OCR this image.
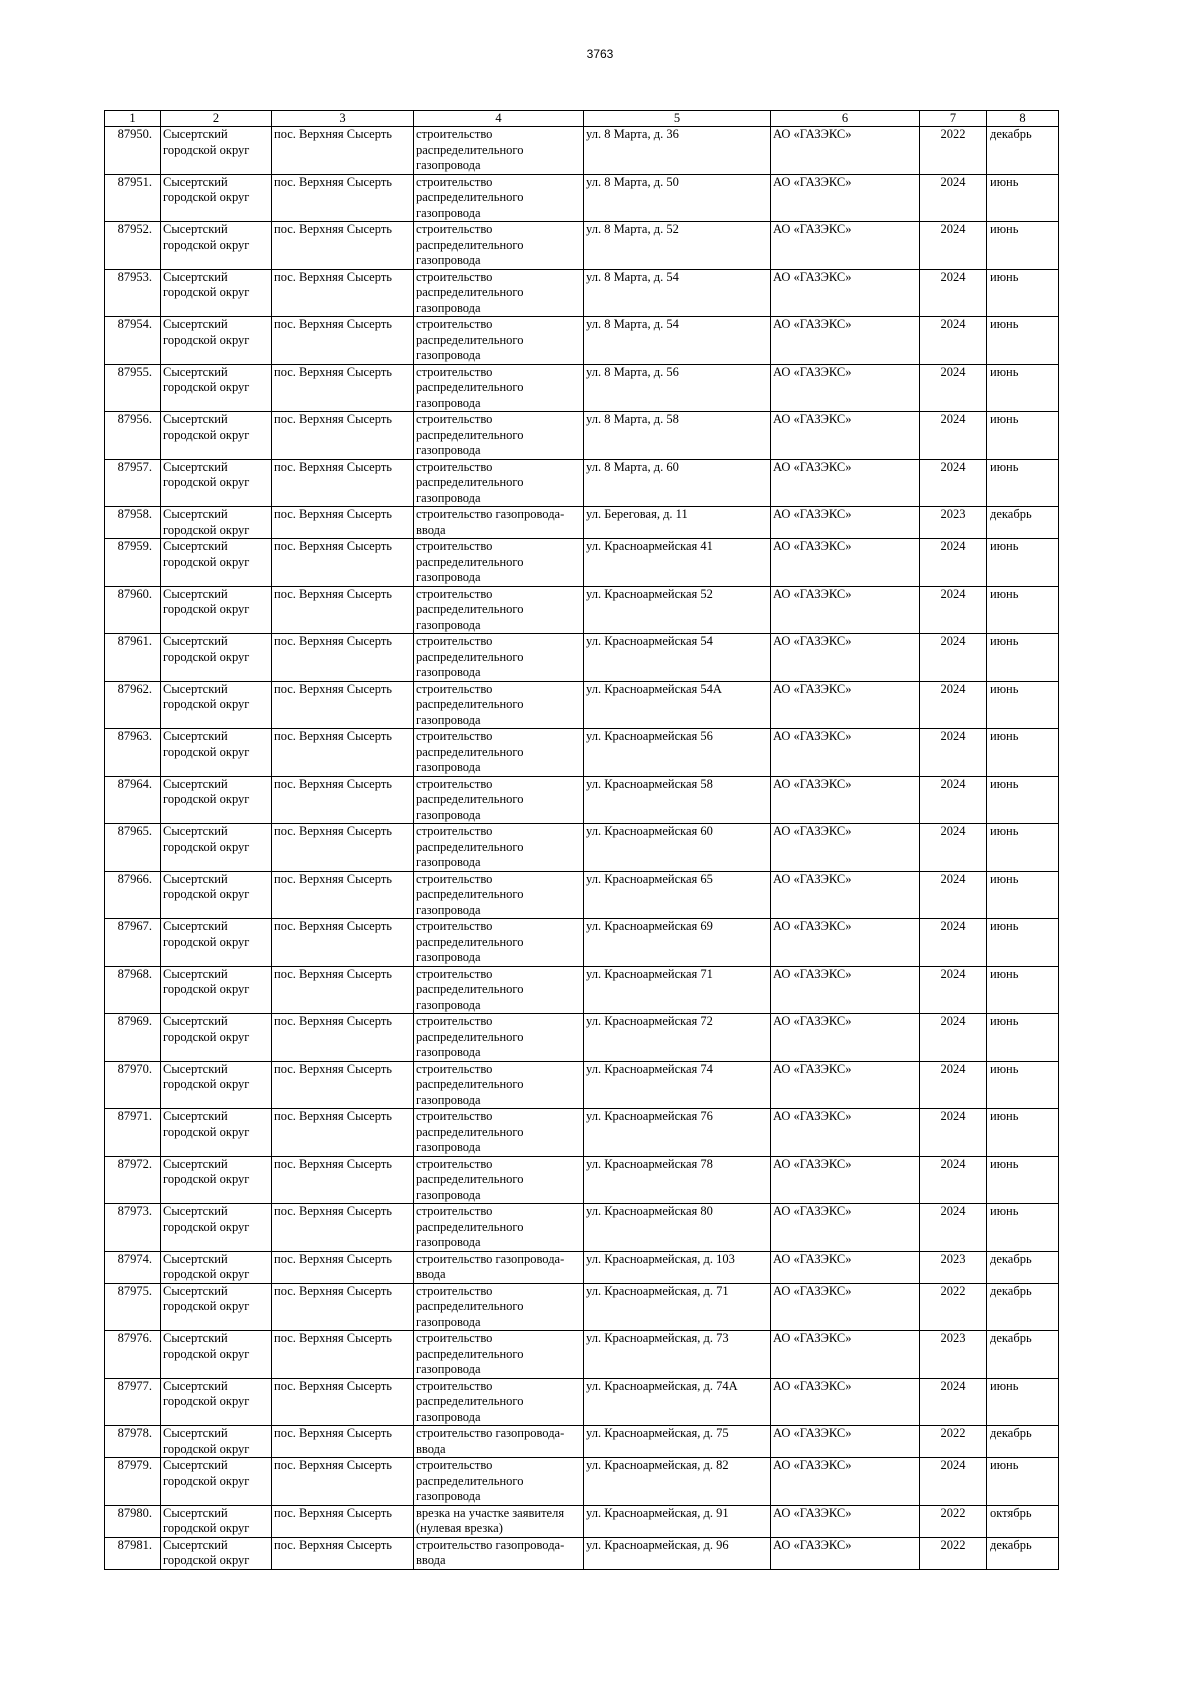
3763
1	2	3	4	5	6	7	8
87950.	Сысертский городской округ	пос. Верхняя Сысерть	строительство распределительного газопровода	ул. 8 Марта, д. 36	АО «ГАЗЭКС»	2022	декабрь
87951.	Сысертский городской округ	пос. Верхняя Сысерть	строительство распределительного газопровода	ул. 8 Марта, д. 50	АО «ГАЗЭКС»	2024	июнь
87952.	Сысертский городской округ	пос. Верхняя Сысерть	строительство распределительного газопровода	ул. 8 Марта, д. 52	АО «ГАЗЭКС»	2024	июнь
87953.	Сысертский городской округ	пос. Верхняя Сысерть	строительство распределительного газопровода	ул. 8 Марта, д. 54	АО «ГАЗЭКС»	2024	июнь
87954.	Сысертский городской округ	пос. Верхняя Сысерть	строительство распределительного газопровода	ул. 8 Марта, д. 54	АО «ГАЗЭКС»	2024	июнь
87955.	Сысертский городской округ	пос. Верхняя Сысерть	строительство распределительного газопровода	ул. 8 Марта, д. 56	АО «ГАЗЭКС»	2024	июнь
87956.	Сысертский городской округ	пос. Верхняя Сысерть	строительство распределительного газопровода	ул. 8 Марта, д. 58	АО «ГАЗЭКС»	2024	июнь
87957.	Сысертский городской округ	пос. Верхняя Сысерть	строительство распределительного газопровода	ул. 8 Марта, д. 60	АО «ГАЗЭКС»	2024	июнь
87958.	Сысертский городской округ	пос. Верхняя Сысерть	строительство газопровода-ввода	ул. Береговая, д. 11	АО «ГАЗЭКС»	2023	декабрь
87959.	Сысертский городской округ	пос. Верхняя Сысерть	строительство распределительного газопровода	ул. Красноармейская 41	АО «ГАЗЭКС»	2024	июнь
87960.	Сысертский городской округ	пос. Верхняя Сысерть	строительство распределительного газопровода	ул. Красноармейская 52	АО «ГАЗЭКС»	2024	июнь
87961.	Сысертский городской округ	пос. Верхняя Сысерть	строительство распределительного газопровода	ул. Красноармейская 54	АО «ГАЗЭКС»	2024	июнь
87962.	Сысертский городской округ	пос. Верхняя Сысерть	строительство распределительного газопровода	ул. Красноармейская 54А	АО «ГАЗЭКС»	2024	июнь
87963.	Сысертский городской округ	пос. Верхняя Сысерть	строительство распределительного газопровода	ул. Красноармейская 56	АО «ГАЗЭКС»	2024	июнь
87964.	Сысертский городской округ	пос. Верхняя Сысерть	строительство распределительного газопровода	ул. Красноармейская 58	АО «ГАЗЭКС»	2024	июнь
87965.	Сысертский городской округ	пос. Верхняя Сысерть	строительство распределительного газопровода	ул. Красноармейская 60	АО «ГАЗЭКС»	2024	июнь
87966.	Сысертский городской округ	пос. Верхняя Сысерть	строительство распределительного газопровода	ул. Красноармейская 65	АО «ГАЗЭКС»	2024	июнь
87967.	Сысертский городской округ	пос. Верхняя Сысерть	строительство распределительного газопровода	ул. Красноармейская 69	АО «ГАЗЭКС»	2024	июнь
87968.	Сысертский городской округ	пос. Верхняя Сысерть	строительство распределительного газопровода	ул. Красноармейская 71	АО «ГАЗЭКС»	2024	июнь
87969.	Сысертский городской округ	пос. Верхняя Сысерть	строительство распределительного газопровода	ул. Красноармейская 72	АО «ГАЗЭКС»	2024	июнь
87970.	Сысертский городской округ	пос. Верхняя Сысерть	строительство распределительного газопровода	ул. Красноармейская 74	АО «ГАЗЭКС»	2024	июнь
87971.	Сысертский городской округ	пос. Верхняя Сысерть	строительство распределительного газопровода	ул. Красноармейская 76	АО «ГАЗЭКС»	2024	июнь
87972.	Сысертский городской округ	пос. Верхняя Сысерть	строительство распределительного газопровода	ул. Красноармейская 78	АО «ГАЗЭКС»	2024	июнь
87973.	Сысертский городской округ	пос. Верхняя Сысерть	строительство распределительного газопровода	ул. Красноармейская 80	АО «ГАЗЭКС»	2024	июнь
87974.	Сысертский городской округ	пос. Верхняя Сысерть	строительство газопровода-ввода	ул. Красноармейская, д. 103	АО «ГАЗЭКС»	2023	декабрь
87975.	Сысертский городской округ	пос. Верхняя Сысерть	строительство распределительного газопровода	ул. Красноармейская, д. 71	АО «ГАЗЭКС»	2022	декабрь
87976.	Сысертский городской округ	пос. Верхняя Сысерть	строительство распределительного газопровода	ул. Красноармейская, д. 73	АО «ГАЗЭКС»	2023	декабрь
87977.	Сысертский городской округ	пос. Верхняя Сысерть	строительство распределительного газопровода	ул. Красноармейская, д. 74А	АО «ГАЗЭКС»	2024	июнь
87978.	Сысертский городской округ	пос. Верхняя Сысерть	строительство газопровода-ввода	ул. Красноармейская, д. 75	АО «ГАЗЭКС»	2022	декабрь
87979.	Сысертский городской округ	пос. Верхняя Сысерть	строительство распределительного газопровода	ул. Красноармейская, д. 82	АО «ГАЗЭКС»	2024	июнь
87980.	Сысертский городской округ	пос. Верхняя Сысерть	врезка на участке заявителя (нулевая врезка)	ул. Красноармейская, д. 91	АО «ГАЗЭКС»	2022	октябрь
87981.	Сысертский городской округ	пос. Верхняя Сысерть	строительство газопровода-ввода	ул. Красноармейская, д. 96	АО «ГАЗЭКС»	2022	декабрь
